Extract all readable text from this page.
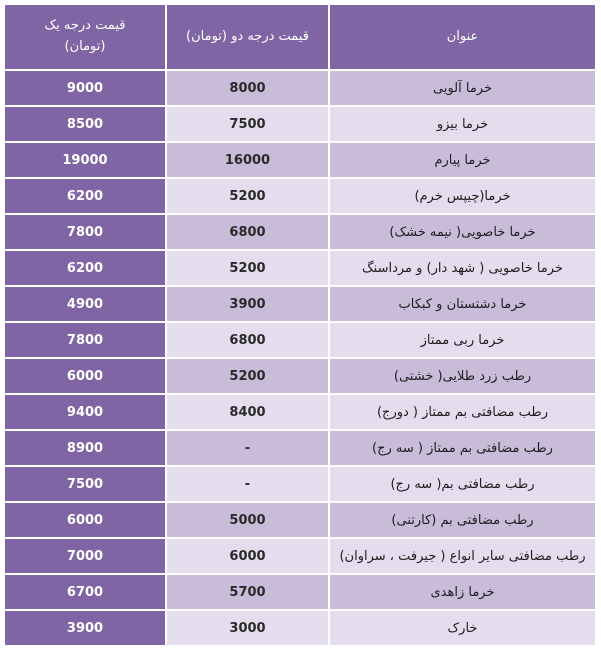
عنوان	قیمت درجه دو (تومان)	قیمت درجه یک
(تومان)

خرما آلویی	8000	9000
خرما بیزو	7500	8500
خرما پیارم	16000	19000
خرما(چیپس خرم)	5200	6200
خرما خاصویی( نیمه خشک)	6800	7800
خرما خاصویی ( شهد دار) و مرداسنگ	5200	6200
خرما دشتستان و کبکاب	3900	4900
خرما ربی ممتاز	6800	7800
رطب زرد طلایی( خشتی)	5200	6000
رطب مضافتی بم ممتاز ( دورج)	8400	9400
رطب مضافتی بم ممتاز ( سه رج)	-	8900
رطب مضافتی بم( سه رج)	-	7500
رطب مضافتی بم (کارتنی)	5000	6000
رطب مضافتی سایر انواع ( جیرفت ، سراوان)	6000	7000
خرما زاهدی	5700	6700
خارک	3000	3900
